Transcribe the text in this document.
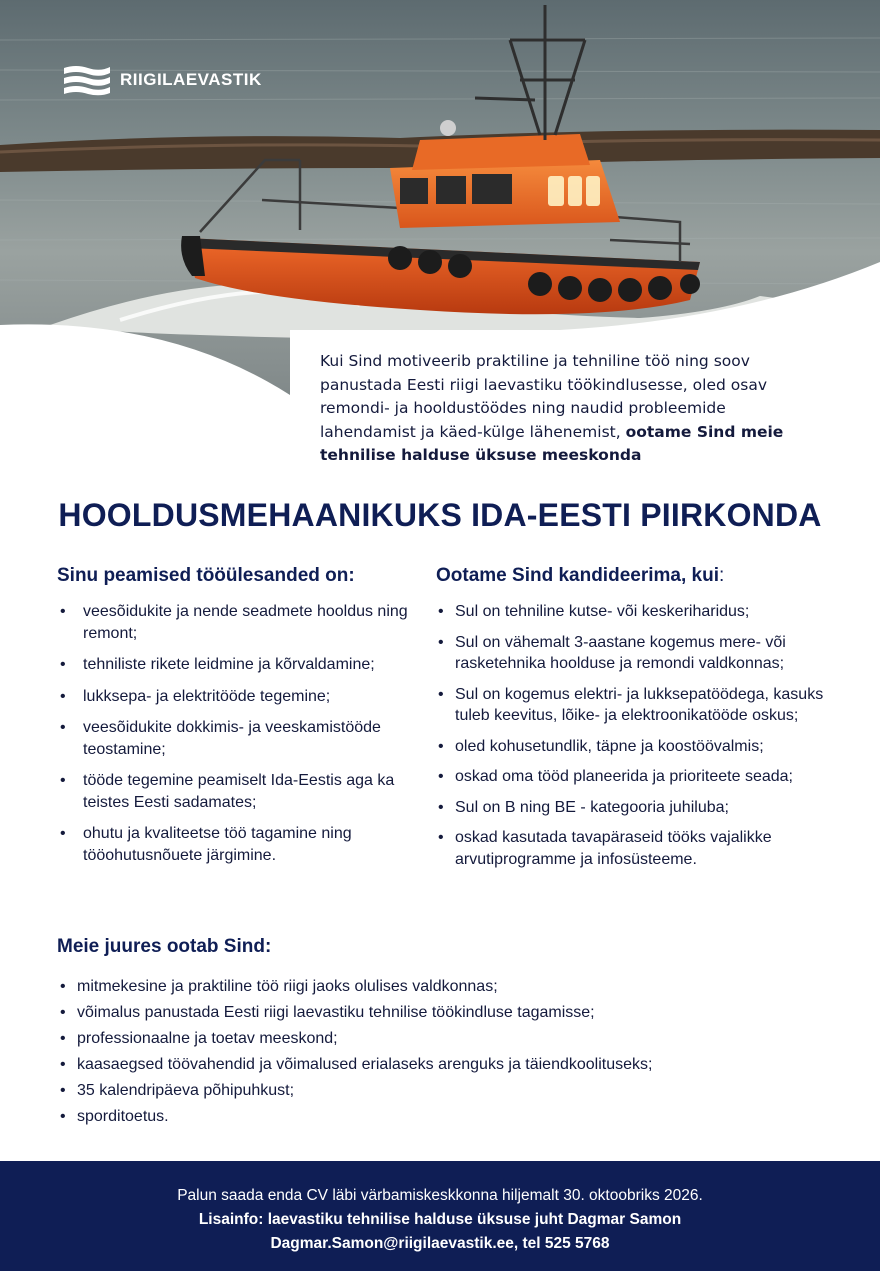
RIIGILAEVASTIK
Kui Sind motiveerib praktiline ja tehniline töö ning soov panustada Eesti riigi laevastiku töökindlusesse, oled osav remondi- ja hooldustöödes ning naudid probleemide lahendamist ja käed-külge lähenemist, ootame Sind meie tehnilise halduse üksuse meeskonda
HOOLDUSMEHAANIKUKS IDA-EESTI PIIRKONDA
Sinu peamised tööülesanded on:
• veesõidukite ja nende seadmete hooldus ning remont;
• tehniliste rikete leidmine ja kõrvaldamine;
• lukksepa- ja elektritööde tegemine;
• veesõidukite dokkimis- ja veeskamistööde teostamine;
• tööde tegemine peamiselt Ida-Eestis aga ka teistes Eesti sadamates;
• ohutu ja kvaliteetse töö tagamine ning tööohutusnõuete järgimine.
Ootame Sind kandideerima, kui:
• Sul on tehniline kutse- või keskeriharidus;
• Sul on vähemalt 3-aastane kogemus mere- või rasketehnika hoolduse ja remondi valdkonnas;
• Sul on kogemus elektri- ja lukksepatöödega, kasuks tuleb keevitus, lõike- ja elektroonikatööde oskus;
• oled kohusetundlik, täpne ja koostöövalmis;
• oskad oma tööd planeerida ja prioriteete seada;
• Sul on B ning BE - kategooria juhiluba;
• oskad kasutada tavapäraseid tööks vajalikke arvutiprogramme ja infosüsteeme.
Meie juures ootab Sind:
• mitmekesine ja praktiline töö riigi jaoks olulises valdkonnas;
• võimalus panustada Eesti riigi laevastiku tehnilise töökindluse tagamisse;
• professionaalne ja toetav meeskond;
• kaasaegsed töövahendid ja võimalused erialaseks arenguks ja täiendkoolituseks;
• 35 kalendripäeva põhipuhkust;
• sporditoetus.
Palun saada enda CV läbi värbamiskeskkonna hiljemalt 30. oktoobriks 2026.
Lisainfo: laevastiku tehnilise halduse üksuse juht Dagmar Samon
Dagmar.Samon@riigilaevastik.ee, tel 525 5768
